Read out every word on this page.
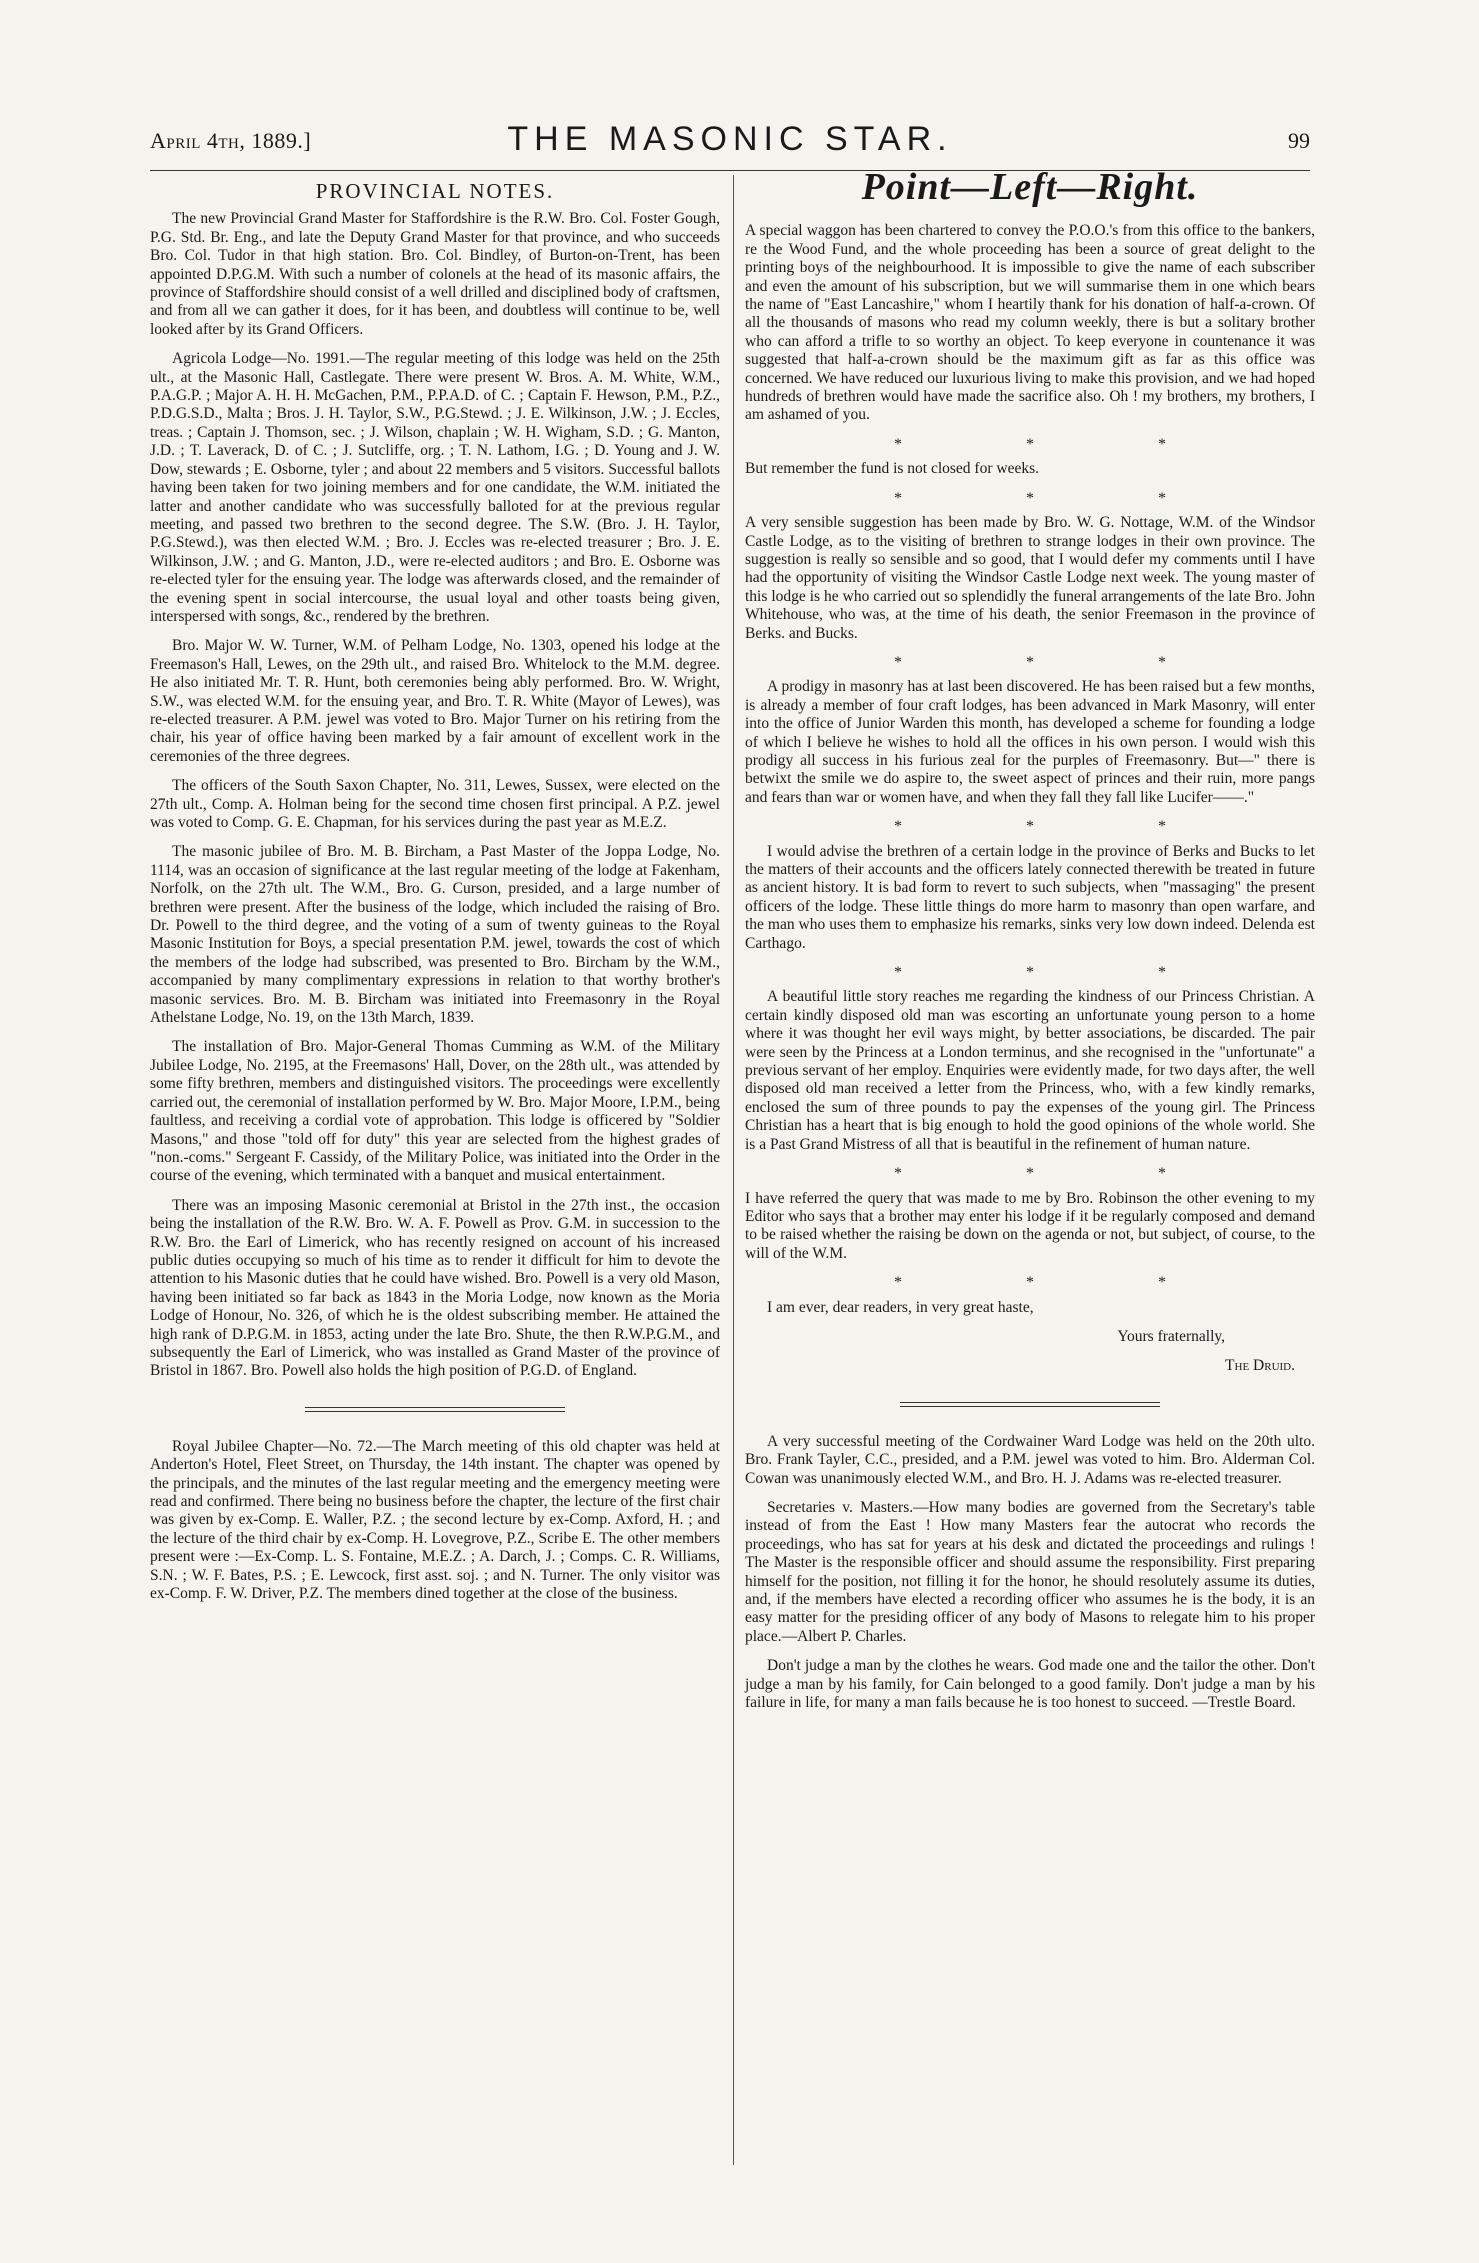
April 4th, 1889.]	THE MASONIC STAR.	99
PROVINCIAL NOTES.

The new Provincial Grand Master for Staffordshire is the R.W. Bro. Col. Foster Gough, P.G. Std. Br. Eng., and late the Deputy Grand Master for that province, and who succeeds Bro. Col. Tudor in that high station. Bro. Col. Bindley, of Burton-on-Trent, has been appointed D.P.G.M. With such a number of colonels at the head of its masonic affairs, the province of Staffordshire should consist of a well drilled and disciplined body of craftsmen, and from all we can gather it does, for it has been, and doubtless will continue to be, well looked after by its Grand Officers.

Agricola Lodge—No. 1991.—The regular meeting of this lodge was held on the 25th ult., at the Masonic Hall, Castlegate. There were present W. Bros. A. M. White, W.M., P.A.G.P. ; Major A. H. H. McGachen, P.M., P.P.A.D. of C. ; Captain F. Hewson, P.M., P.Z., P.D.G.S.D., Malta ; Bros. J. H. Taylor, S.W., P.G.Stewd. ; J. E. Wilkinson, J.W. ; J. Eccles, treas. ; Captain J. Thomson, sec. ; J. Wilson, chaplain ; W. H. Wigham, S.D. ; G. Manton, J.D. ; T. Laverack, D. of C. ; J. Sutcliffe, org. ; T. N. Lathom, I.G. ; D. Young and J. W. Dow, stewards ; E. Osborne, tyler ; and about 22 members and 5 visitors. Successful ballots having been taken for two joining members and for one candidate, the W.M. initiated the latter and another candidate who was successfully balloted for at the previous regular meeting, and passed two brethren to the second degree. The S.W. (Bro. J. H. Taylor, P.G.Stewd.), was then elected W.M. ; Bro. J. Eccles was re-elected treasurer ; Bro. J. E. Wilkinson, J.W. ; and G. Manton, J.D., were re-elected auditors ; and Bro. E. Osborne was re-elected tyler for the ensuing year. The lodge was afterwards closed, and the remainder of the evening spent in social intercourse, the usual loyal and other toasts being given, interspersed with songs, &c., rendered by the brethren.

Bro. Major W. W. Turner, W.M. of Pelham Lodge, No. 1303, opened his lodge at the Freemason's Hall, Lewes, on the 29th ult., and raised Bro. Whitelock to the M.M. degree. He also initiated Mr. T. R. Hunt, both ceremonies being ably performed. Bro. W. Wright, S.W., was elected W.M. for the ensuing year, and Bro. T. R. White (Mayor of Lewes), was re-elected treasurer. A P.M. jewel was voted to Bro. Major Turner on his retiring from the chair, his year of office having been marked by a fair amount of excellent work in the ceremonies of the three degrees.

The officers of the South Saxon Chapter, No. 311, Lewes, Sussex, were elected on the 27th ult., Comp. A. Holman being for the second time chosen first principal. A P.Z. jewel was voted to Comp. G. E. Chapman, for his services during the past year as M.E.Z.

The masonic jubilee of Bro. M. B. Bircham, a Past Master of the Joppa Lodge, No. 1114, was an occasion of significance at the last regular meeting of the lodge at Fakenham, Norfolk, on the 27th ult. The W.M., Bro. G. Curson, presided, and a large number of brethren were present. After the business of the lodge, which included the raising of Bro. Dr. Powell to the third degree, and the voting of a sum of twenty guineas to the Royal Masonic Institution for Boys, a special presentation P.M. jewel, towards the cost of which the members of the lodge had subscribed, was presented to Bro. Bircham by the W.M., accompanied by many complimentary expressions in relation to that worthy brother's masonic services. Bro. M. B. Bircham was initiated into Freemasonry in the Royal Athelstane Lodge, No. 19, on the 13th March, 1839.

The installation of Bro. Major-General Thomas Cumming as W.M. of the Military Jubilee Lodge, No. 2195, at the Freemasons' Hall, Dover, on the 28th ult., was attended by some fifty brethren, members and distinguished visitors. The proceedings were excellently carried out, the ceremonial of installation performed by W. Bro. Major Moore, I.P.M., being faultless, and receiving a cordial vote of approbation. This lodge is officered by "Soldier Masons," and those "told off for duty" this year are selected from the highest grades of "non.-coms." Sergeant F. Cassidy, of the Military Police, was initiated into the Order in the course of the evening, which terminated with a banquet and musical entertainment.

There was an imposing Masonic ceremonial at Bristol in the 27th inst., the occasion being the installation of the R.W. Bro. W. A. F. Powell as Prov. G.M. in succession to the R.W. Bro. the Earl of Limerick, who has recently resigned on account of his increased public duties occupying so much of his time as to render it difficult for him to devote the attention to his Masonic duties that he could have wished. Bro. Powell is a very old Mason, having been initiated so far back as 1843 in the Moria Lodge, now known as the Moria Lodge of Honour, No. 326, of which he is the oldest subscribing member. He attained the high rank of D.P.G.M. in 1853, acting under the late Bro. Shute, the then R.W.P.G.M., and subsequently the Earl of Limerick, who was installed as Grand Master of the province of Bristol in 1867. Bro. Powell also holds the high position of P.G.D. of England.

Royal Jubilee Chapter—No. 72.—The March meeting of this old chapter was held at Anderton's Hotel, Fleet Street, on Thursday, the 14th instant. The chapter was opened by the principals, and the minutes of the last regular meeting and the emergency meeting were read and confirmed. There being no business before the chapter, the lecture of the first chair was given by ex-Comp. E. Waller, P.Z. ; the second lecture by ex-Comp. Axford, H. ; and the lecture of the third chair by ex-Comp. H. Lovegrove, P.Z., Scribe E. The other members present were :—Ex-Comp. L. S. Fontaine, M.E.Z. ; A. Darch, J. ; Comps. C. R. Williams, S.N. ; W. F. Bates, P.S. ; E. Lewcock, first asst. soj. ; and N. Turner. The only visitor was ex-Comp. F. W. Driver, P.Z. The members dined together at the close of the business.

Point—Left—Right.

A special waggon has been chartered to convey the P.O.O.'s from this office to the bankers, re the Wood Fund, and the whole proceeding has been a source of great delight to the printing boys of the neighbourhood. It is impossible to give the name of each subscriber and even the amount of his subscription, but we will summarise them in one which bears the name of "East Lancashire," whom I heartily thank for his donation of half-a-crown. Of all the thousands of masons who read my column weekly, there is but a solitary brother who can afford a trifle to so worthy an object. To keep everyone in countenance it was suggested that half-a-crown should be the maximum gift as far as this office was concerned. We have reduced our luxurious living to make this provision, and we had hoped hundreds of brethren would have made the sacrifice also. Oh ! my brothers, my brothers, I am ashamed of you.

* * *

But remember the fund is not closed for weeks.

* * *

A very sensible suggestion has been made by Bro. W. G. Nottage, W.M. of the Windsor Castle Lodge, as to the visiting of brethren to strange lodges in their own province. The suggestion is really so sensible and so good, that I would defer my comments until I have had the opportunity of visiting the Windsor Castle Lodge next week. The young master of this lodge is he who carried out so splendidly the funeral arrangements of the late Bro. John Whitehouse, who was, at the time of his death, the senior Freemason in the province of Berks. and Bucks.

* * *

A prodigy in masonry has at last been discovered. He has been raised but a few months, is already a member of four craft lodges, has been advanced in Mark Masonry, will enter into the office of Junior Warden this month, has developed a scheme for founding a lodge of which I believe he wishes to hold all the offices in his own person. I would wish this prodigy all success in his furious zeal for the purples of Freemasonry. But—" there is betwixt the smile we do aspire to, the sweet aspect of princes and their ruin, more pangs and fears than war or women have, and when they fall they fall like Lucifer——."

* * *

I would advise the brethren of a certain lodge in the province of Berks and Bucks to let the matters of their accounts and the officers lately connected therewith be treated in future as ancient history. It is bad form to revert to such subjects, when "massaging" the present officers of the lodge. These little things do more harm to masonry than open warfare, and the man who uses them to emphasize his remarks, sinks very low down indeed. Delenda est Carthago.

* * *

A beautiful little story reaches me regarding the kindness of our Princess Christian. A certain kindly disposed old man was escorting an unfortunate young person to a home where it was thought her evil ways might, by better associations, be discarded. The pair were seen by the Princess at a London terminus, and she recognised in the "unfortunate" a previous servant of her employ. Enquiries were evidently made, for two days after, the well disposed old man received a letter from the Princess, who, with a few kindly remarks, enclosed the sum of three pounds to pay the expenses of the young girl. The Princess Christian has a heart that is big enough to hold the good opinions of the whole world. She is a Past Grand Mistress of all that is beautiful in the refinement of human nature.

* * *

I have referred the query that was made to me by Bro. Robinson the other evening to my Editor who says that a brother may enter his lodge if it be regularly composed and demand to be raised whether the raising be down on the agenda or not, but subject, of course, to the will of the W.M.

* * *

I am ever, dear readers, in very great haste,

Yours fraternally,

The Druid.

A very successful meeting of the Cordwainer Ward Lodge was held on the 20th ulto. Bro. Frank Tayler, C.C., presided, and a P.M. jewel was voted to him. Bro. Alderman Col. Cowan was unanimously elected W.M., and Bro. H. J. Adams was re-elected treasurer.

Secretaries v. Masters.—How many bodies are governed from the Secretary's table instead of from the East ! How many Masters fear the autocrat who records the proceedings, who has sat for years at his desk and dictated the proceedings and rulings ! The Master is the responsible officer and should assume the responsibility. First preparing himself for the position, not filling it for the honor, he should resolutely assume its duties, and, if the members have elected a recording officer who assumes he is the body, it is an easy matter for the presiding officer of any body of Masons to relegate him to his proper place.—Albert P. Charles.

Don't judge a man by the clothes he wears. God made one and the tailor the other. Don't judge a man by his family, for Cain belonged to a good family. Don't judge a man by his failure in life, for many a man fails because he is too honest to succeed. —Trestle Board.
